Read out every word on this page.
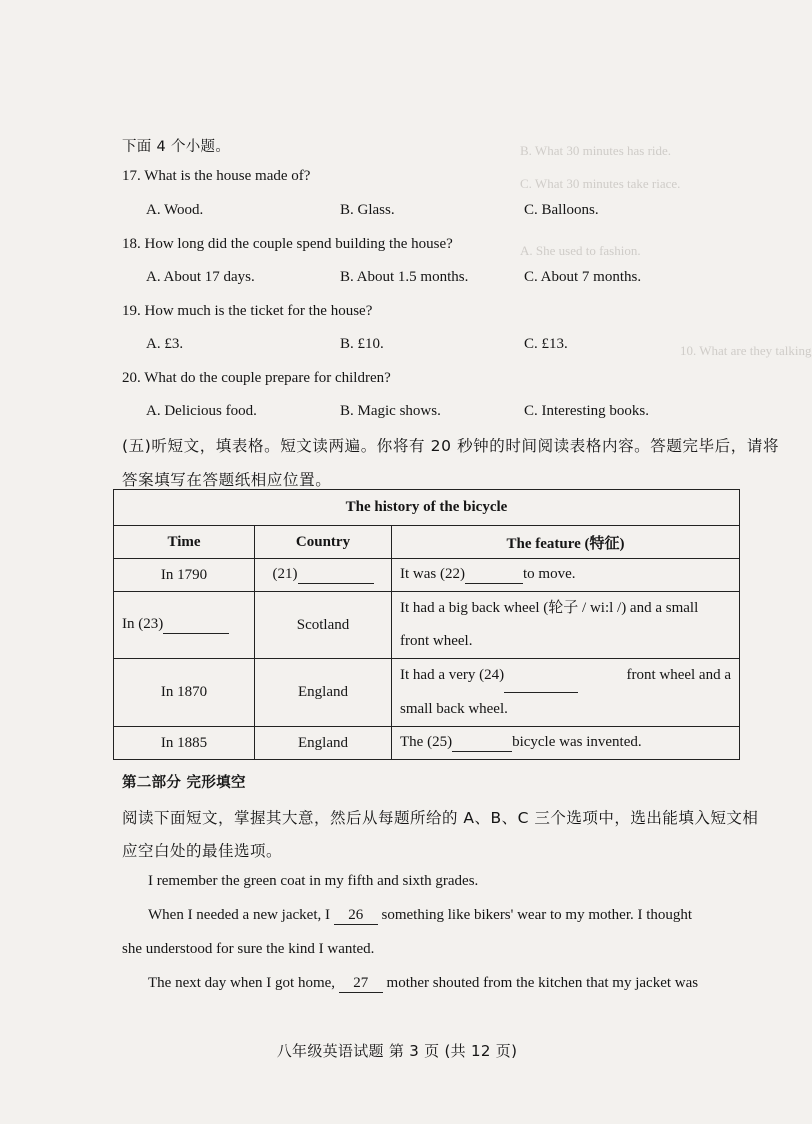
B. What 30 minutes has ride.
C. What 30 minutes take riace.
A. She used to fashion.
10. What are they talking
下面 4 个小题。
17. What is the house made of?
A. Wood.	B. Glass.	C. Balloons.
18. How long did the couple spend building the house?
A. About 17 days.	B. About 1.5 months.	C. About 7 months.
19. How much is the ticket for the house?
A. £3.	B. £10.	C. £13.
20. What do the couple prepare for children?
A. Delicious food.	B. Magic shows.	C. Interesting books.
(五)听短文，填表格。短文读两遍。你将有 20 秒钟的时间阅读表格内容。答题完毕后，请将
答案填写在答题纸相应位置。
The history of the bicycle		
Time	Country	The feature (特征)
In 1790	(21)	It was (22) to move.
In (23)	Scotland	It had a big back wheel (轮子 / wi:l /) and a small
front wheel.

In 1870	England	It had a very (24) front wheel and a
small back wheel.

In 1885	England	The (25) bicycle was invented.
第二部分 完形填空
阅读下面短文，掌握其大意，然后从每题所给的 A、B、C 三个选项中，选出能填入短文相
应空白处的最佳选项。
I remember the green coat in my fifth and sixth grades.
When I needed a new jacket, I 26 something like bikers' wear to my mother. I thought
she understood for sure the kind I wanted.
The next day when I got home, 27 mother shouted from the kitchen that my jacket was
八年级英语试题 第 3 页 (共 12 页)
